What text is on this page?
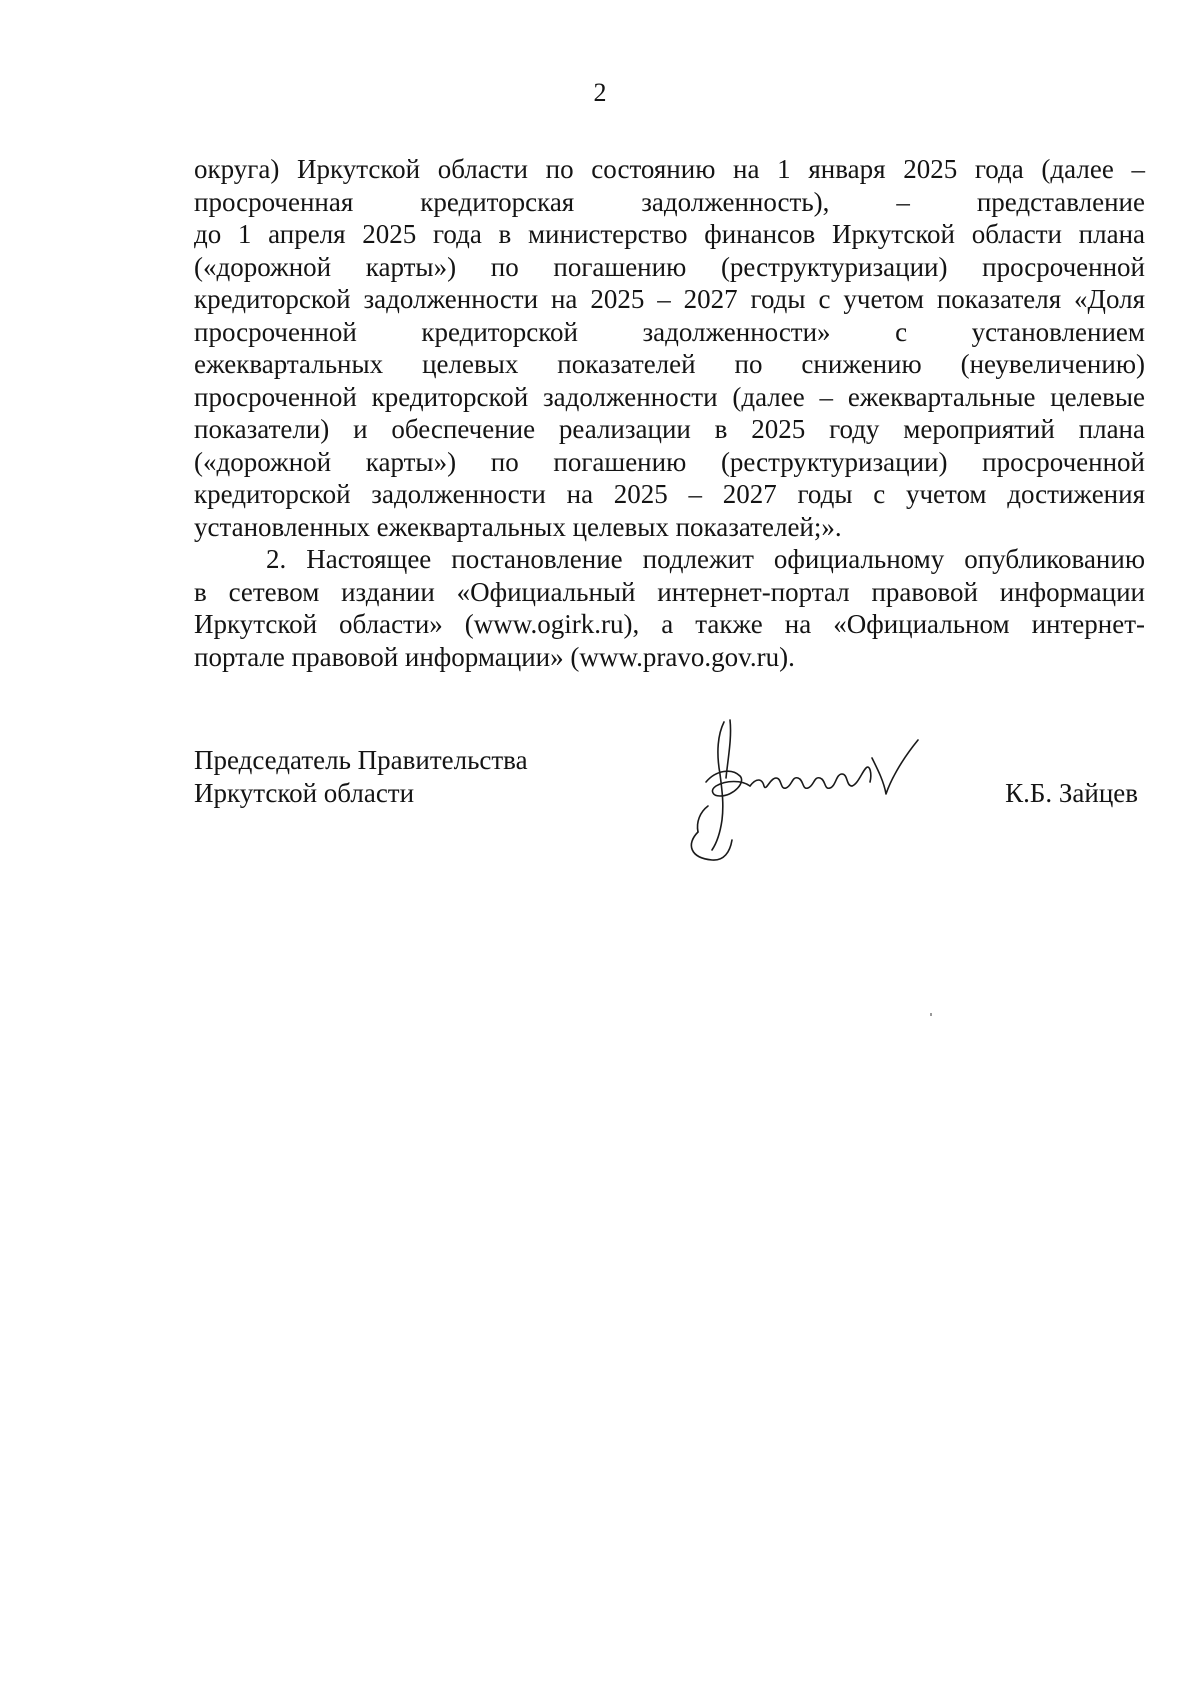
2
округа) Иркутской области по состоянию на 1 января 2025 года (далее –
просроченная кредиторская задолженность), – представление
до 1 апреля 2025 года в министерство финансов Иркутской области плана
(«дорожной карты») по погашению (реструктуризации) просроченной
кредиторской задолженности на 2025 – 2027 годы с учетом показателя «Доля
просроченной кредиторской задолженности» с установлением
ежеквартальных целевых показателей по снижению (неувеличению)
просроченной кредиторской задолженности (далее – ежеквартальные целевые
показатели) и обеспечение реализации в 2025 году мероприятий плана
(«дорожной карты») по погашению (реструктуризации) просроченной
кредиторской задолженности на 2025 – 2027 годы с учетом достижения
установленных ежеквартальных целевых показателей;».
2. Настоящее постановление подлежит официальному опубликованию
в сетевом издании «Официальный интернет-портал правовой информации
Иркутской области» (www.ogirk.ru), а также на «Официальном интернет-
портале правовой информации» (www.pravo.gov.ru).
Председатель Правительства
Иркутской области	К.Б. Зайцев
